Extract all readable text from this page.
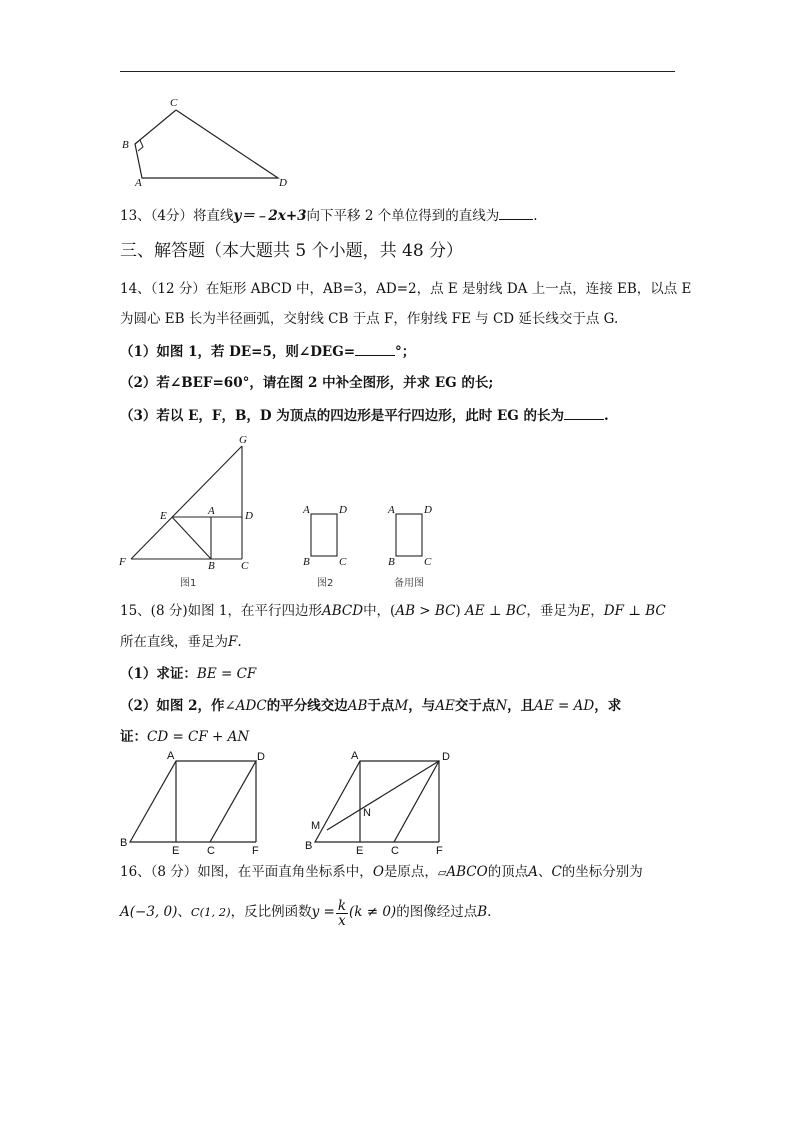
C
B
A	D
13、（4分）将直线y＝﹣2x+3向下平移 2 个单位得到的直线为	.
三、解答题（本大题共 5 个小题，共 48 分）
14、（12 分）在矩形 ABCD 中，AB=3，AD=2，点 E 是射线 DA 上一点，连接 EB，以点 E
为圆心 EB 长为半径画弧，交射线 CB 于点 F，作射线 FE 与 CD 延长线交于点 G.
（1）如图 1，若 DE=5，则∠DEG=	°；
（2）若∠BEF=60°，请在图 2 中补全图形，并求 EG 的长;
（3）若以 E，F，B，D 为顶点的四边形是平行四边形，此时 EG 的长为	.
G
E	A	D
F	B C
图1
A	D
B	C
图2
A	D
B	C
备用图
15、(8 分)如图 1，在平行四边形ABCD中，(AB > BC) AE ⊥ BC，垂足为E，DF ⊥ BC
所在直线，垂足为F.
（1）求证：BE = CF
（2）如图 2，作∠ADC的平分线交边AB于点M，与AE交于点N，且AE = AD，求
证：CD = CF + AN
A	D
B
E	C	F
A	D
N
M
B	E	C	F
16、（8 分）如图，在平面直角坐标系中，O是原点，▱ABCO的顶点A、C的坐标分别为
A(−3, 0)、C(1, 2)，反比例函数$y = \frac{k}{x} (k \ne 0)$的图像经过点B.
